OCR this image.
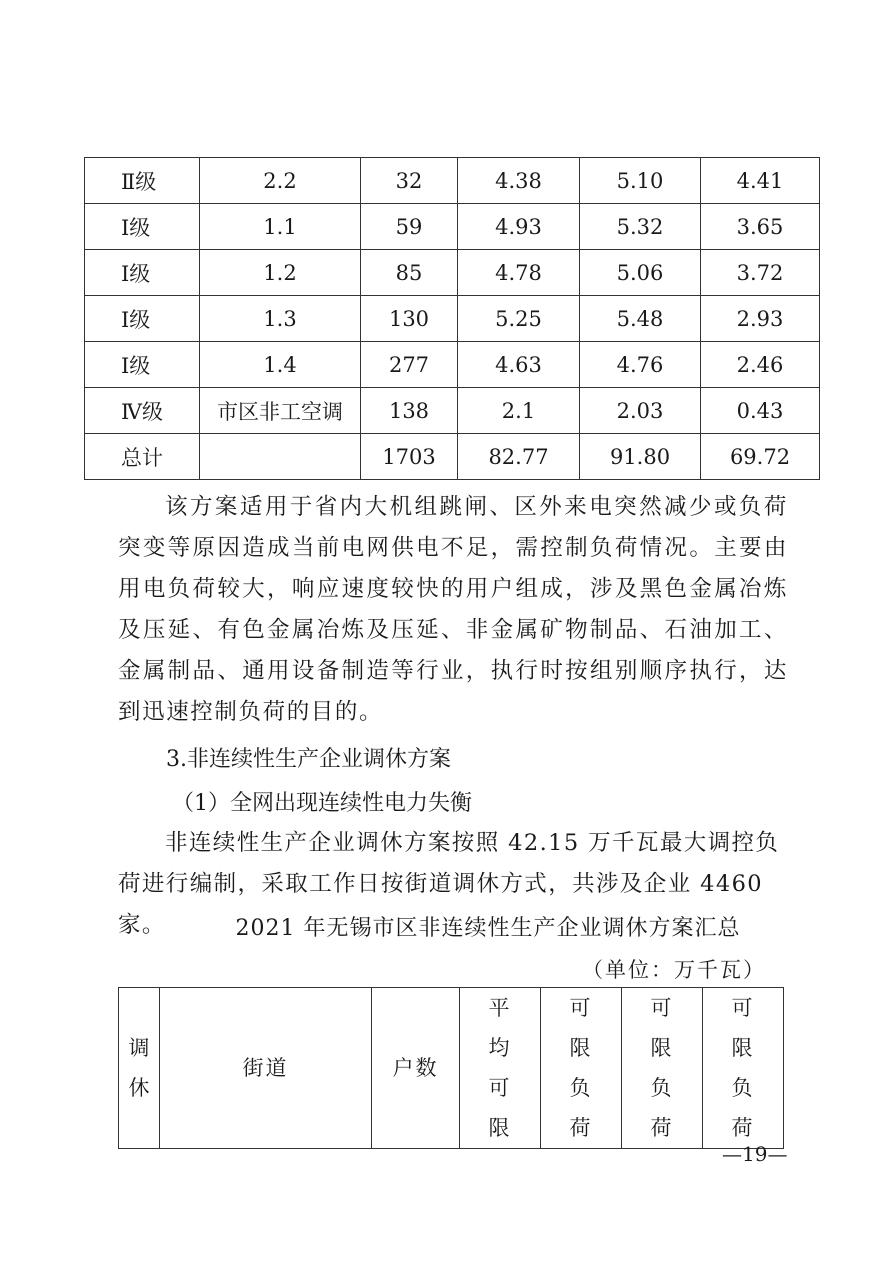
Ⅱ级	2.2	32	4.38	5.10	4.41
Ⅰ级	1.1	59	4.93	5.32	3.65
Ⅰ级	1.2	85	4.78	5.06	3.72
Ⅰ级	1.3	130	5.25	5.48	2.93
Ⅰ级	1.4	277	4.63	4.76	2.46
Ⅳ级	市区非工空调	138	2.1	2.03	0.43
总计		1703	82.77	91.80	69.72

该方案适用于省内大机组跳闸、区外来电突然减少或负荷突变等原因造成当前电网供电不足，需控制负荷情况。主要由用电负荷较大，响应速度较快的用户组成，涉及黑色金属冶炼及压延、有色金属冶炼及压延、非金属矿物制品、石油加工、金属制品、通用设备制造等行业，执行时按组别顺序执行，达到迅速控制负荷的目的。

3.非连续性生产企业调休方案

（1）全网出现连续性电力失衡

非连续性生产企业调休方案按照 42.15 万千瓦最大调控负荷进行编制，采取工作日按街道调休方式，共涉及企业 4460 家。	2021 年无锡市区非连续性生产企业调休方案汇总
（单位：万千瓦）
调休	街道	户数	平均可限	可限负荷	可限负荷	可限负荷
—19—
